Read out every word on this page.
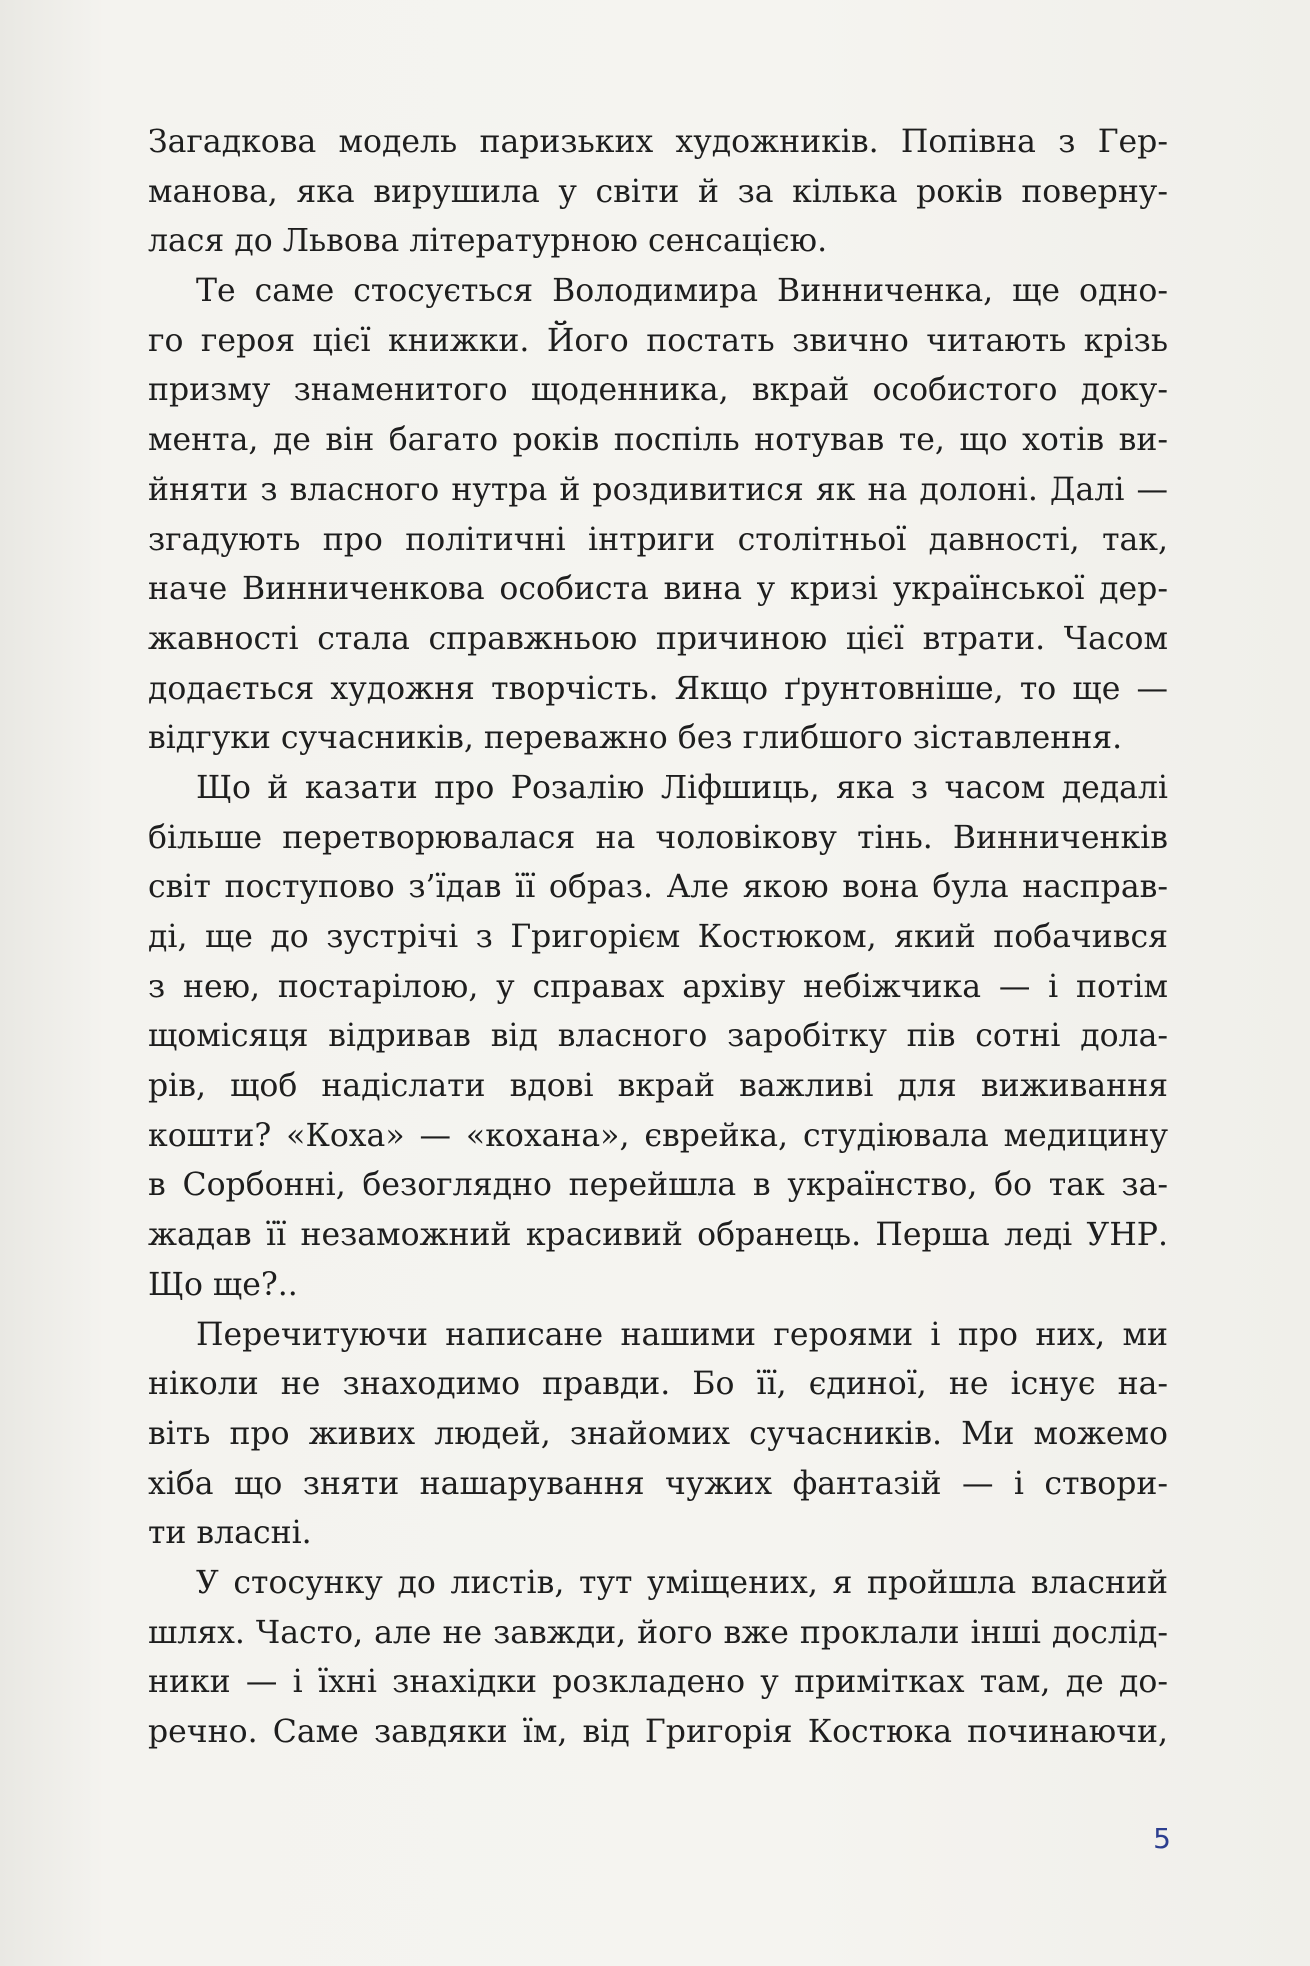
Загадкова модель паризьких художників. Попівна з Гер-
манова, яка вирушила у світи й за кілька років поверну-
лася до Львова літературною сенсацією.
Те саме стосується Володимира Винниченка, ще одно-
го героя цієї книжки. Його постать звично читають крізь
призму знаменитого щоденника, вкрай особистого доку-
мента, де він багато років поспіль нотував те, що хотів ви-
йняти з власного нутра й роздивитися як на долоні. Далі —
згадують про політичні інтриги столітньої давності, так,
наче Винниченкова особиста вина у кризі української дер-
жавності стала справжньою причиною цієї втрати. Часом
додається художня творчість. Якщо ґрунтовніше, то ще —
відгуки сучасників, переважно без глибшого зіставлення.
Що й казати про Розалію Ліфшиць, яка з часом дедалі
більше перетворювалася на чоловікову тінь. Винниченків
світ поступово з’їдав її образ. Але якою вона була насправ-
ді, ще до зустрічі з Григорієм Костюком, який побачився
з нею, постарілою, у справах архіву небіжчика — і потім
щомісяця відривав від власного заробітку пів сотні дола-
рів, щоб надіслати вдові вкрай важливі для виживання
кошти? «Коха» — «кохана», єврейка, студіювала медицину
в Сорбонні, безоглядно перейшла в українство, бо так за-
жадав її незаможний красивий обранець. Перша леді УНР.
Що ще?..
Перечитуючи написане нашими героями і про них, ми
ніколи не знаходимо правди. Бо її, єдиної, не існує на-
віть про живих людей, знайомих сучасників. Ми можемо
хіба що зняти нашарування чужих фантазій — і створи-
ти власні.
У стосунку до листів, тут уміщених, я пройшла власний
шлях. Часто, але не завжди, його вже проклали інші дослід-
ники — і їхні знахідки розкладено у примітках там, де до-
речно. Саме завдяки їм, від Григорія Костюка починаючи,
5
